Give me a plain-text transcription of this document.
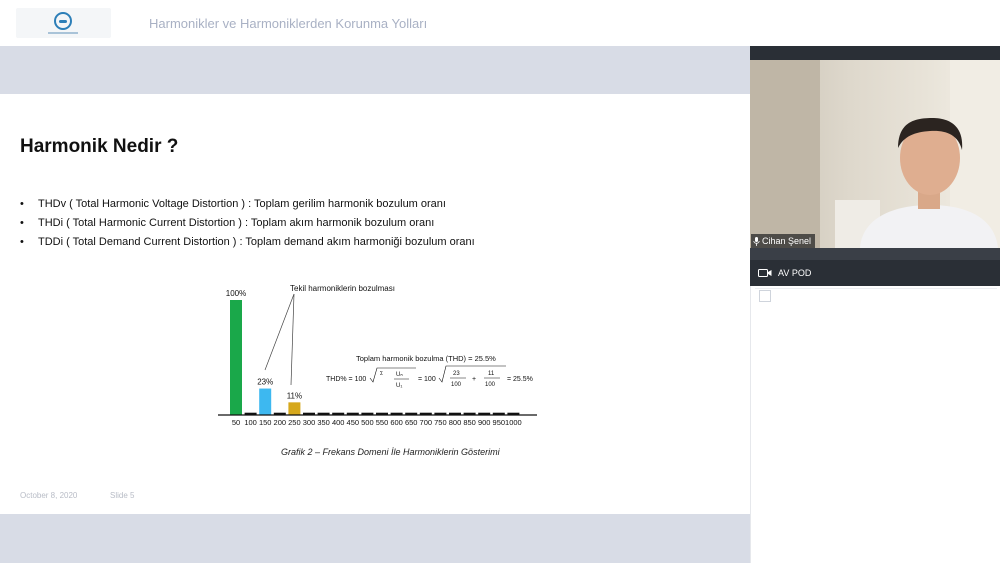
Harmonikler ve Harmoniklerden Korunma Yolları
Harmonik Nedir ?
• THDv ( Total Harmonic Voltage Distortion ) : Toplam gerilim harmonik bozulum oranı
• THDi ( Total Harmonic Current Distortion ) : Toplam akım harmonik bozulum oranı
• TDDi ( Total Demand Current Distortion ) : Toplam demand akım harmoniği bozulum oranı
50 100 150 200 250 300 350 400 450 500 550 600 650 700 750 800 850 900 950 1000
100%
23%
11%
Tekil harmoniklerin bozulması
Toplam harmonik bozulma (THD) = 25.5%
THD% = 100
Σ Uₙ
U₁
= 100
23
100
+
11
100
= 25.5%
Grafik 2 – Frekans Domeni İle Harmoniklerin Gösterimi
October 8, 2020	Slide 5
Cihan Şenel
AV POD
